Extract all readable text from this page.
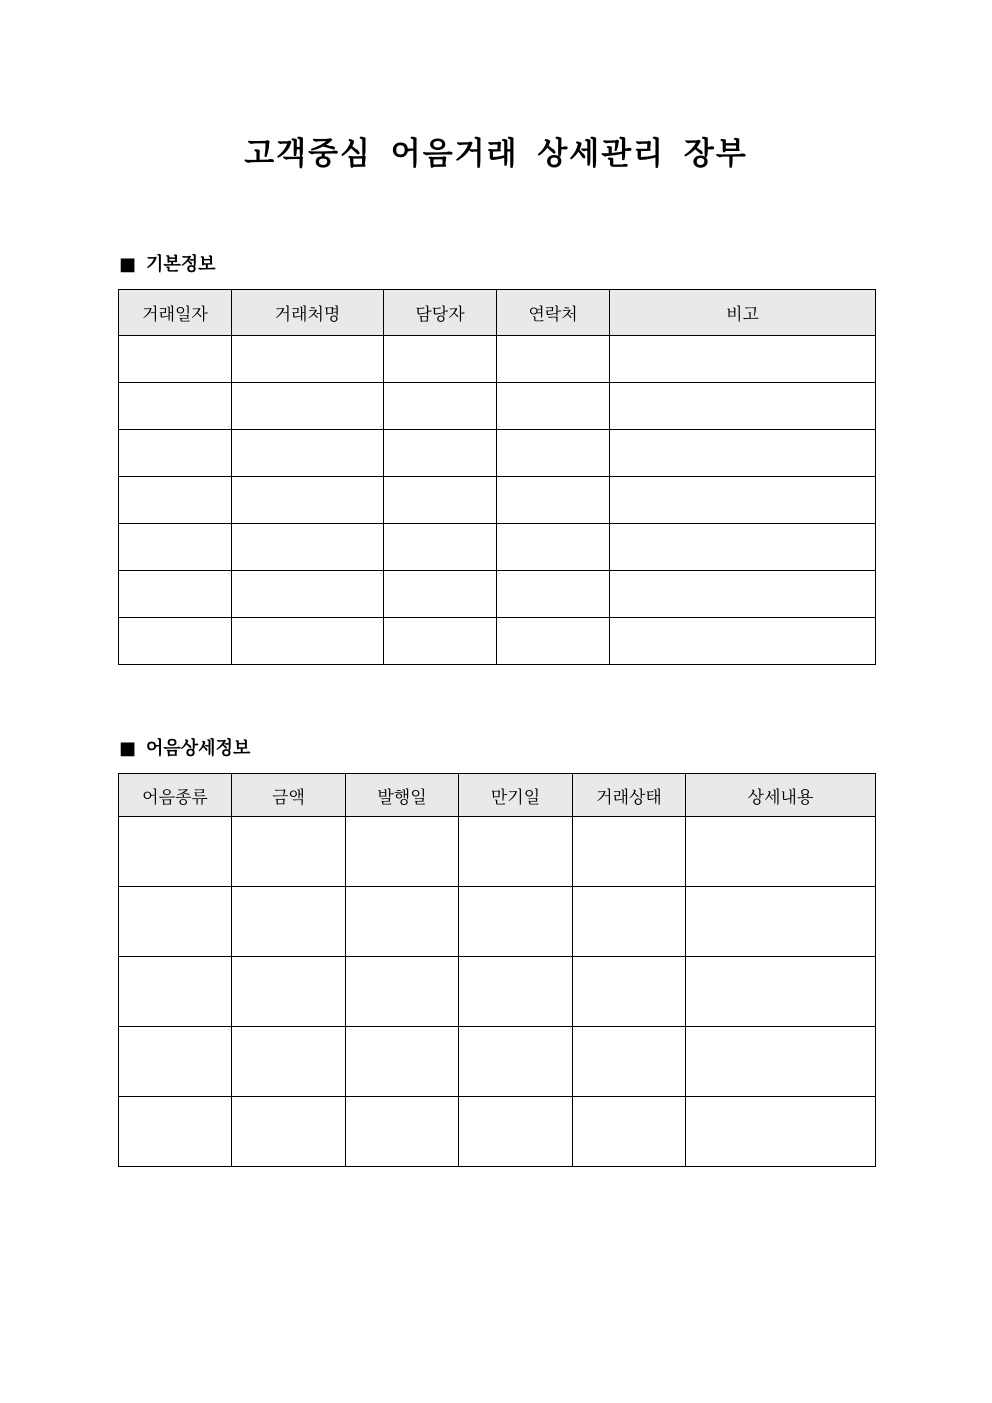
고객중심 어음거래 상세관리 장부
■ 기본정보
거래일자	거래처명	담당자	연락처	비고

■ 어음상세정보
어음종류	금액	발행일	만기일	거래상태	상세내용
